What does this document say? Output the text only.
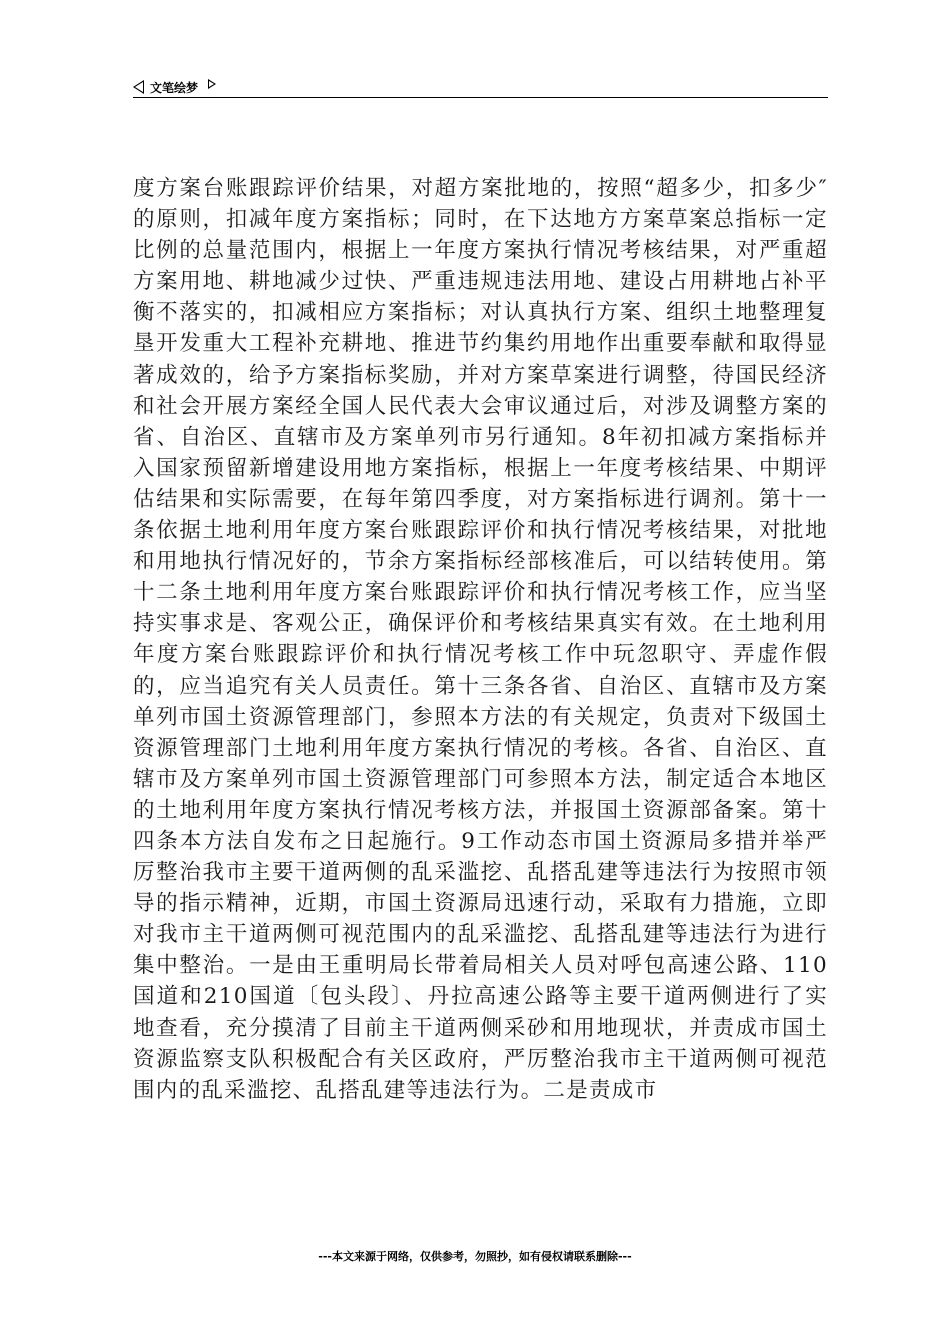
文笔绘梦

度方案台账跟踪评价结果，对超方案批地的，按照“超多少，扣多少″的原则，扣减年度方案指标；同时，在下达地方方案草案总指标一定比例的总量范围内，根据上一年度方案执行情况考核结果，对严重超方案用地、耕地减少过快、严重违规违法用地、建设占用耕地占补平衡不落实的，扣减相应方案指标；对认真执行方案、组织土地整理复垦开发重大工程补充耕地、推进节约集约用地作出重要奉献和取得显著成效的，给予方案指标奖励，并对方案草案进行调整，待国民经济和社会开展方案经全国人民代表大会审议通过后，对涉及调整方案的省、自治区、直辖市及方案单列市另行通知。8年初扣减方案指标并入国家预留新增建设用地方案指标，根据上一年度考核结果、中期评估结果和实际需要，在每年第四季度，对方案指标进行调剂。第十一条依据土地利用年度方案台账跟踪评价和执行情况考核结果，对批地和用地执行情况好的，节余方案指标经部核准后，可以结转使用。第十二条土地利用年度方案台账跟踪评价和执行情况考核工作，应当坚持实事求是、客观公正，确保评价和考核结果真实有效。在土地利用年度方案台账跟踪评价和执行情况考核工作中玩忽职守、弄虚作假的，应当追究有关人员责任。第十三条各省、自治区、直辖市及方案单列市国土资源管理部门，参照本方法的有关规定，负责对下级国土资源管理部门土地利用年度方案执行情况的考核。各省、自治区、直辖市及方案单列市国土资源管理部门可参照本方法，制定适合本地区的土地利用年度方案执行情况考核方法，并报国土资源部备案。第十四条本方法自发布之日起施行。9工作动态市国土资源局多措并举严厉整治我市主要干道两侧的乱采滥挖、乱搭乱建等违法行为按照市领导的指示精神，近期，市国土资源局迅速行动，采取有力措施，立即对我市主干道两侧可视范围内的乱采滥挖、乱搭乱建等违法行为进行集中整治。一是由王重明局长带着局相关人员对呼包高速公路、110国道和210国道〔包头段〕、丹拉高速公路等主要干道两侧进行了实地查看，充分摸清了目前主干道两侧采砂和用地现状，并责成市国土资源监察支队积极配合有关区政府，严厉整治我市主干道两侧可视范围内的乱采滥挖、乱搭乱建等违法行为。二是责成市

---本文来源于网络，仅供参考，勿照抄，如有侵权请联系删除---
